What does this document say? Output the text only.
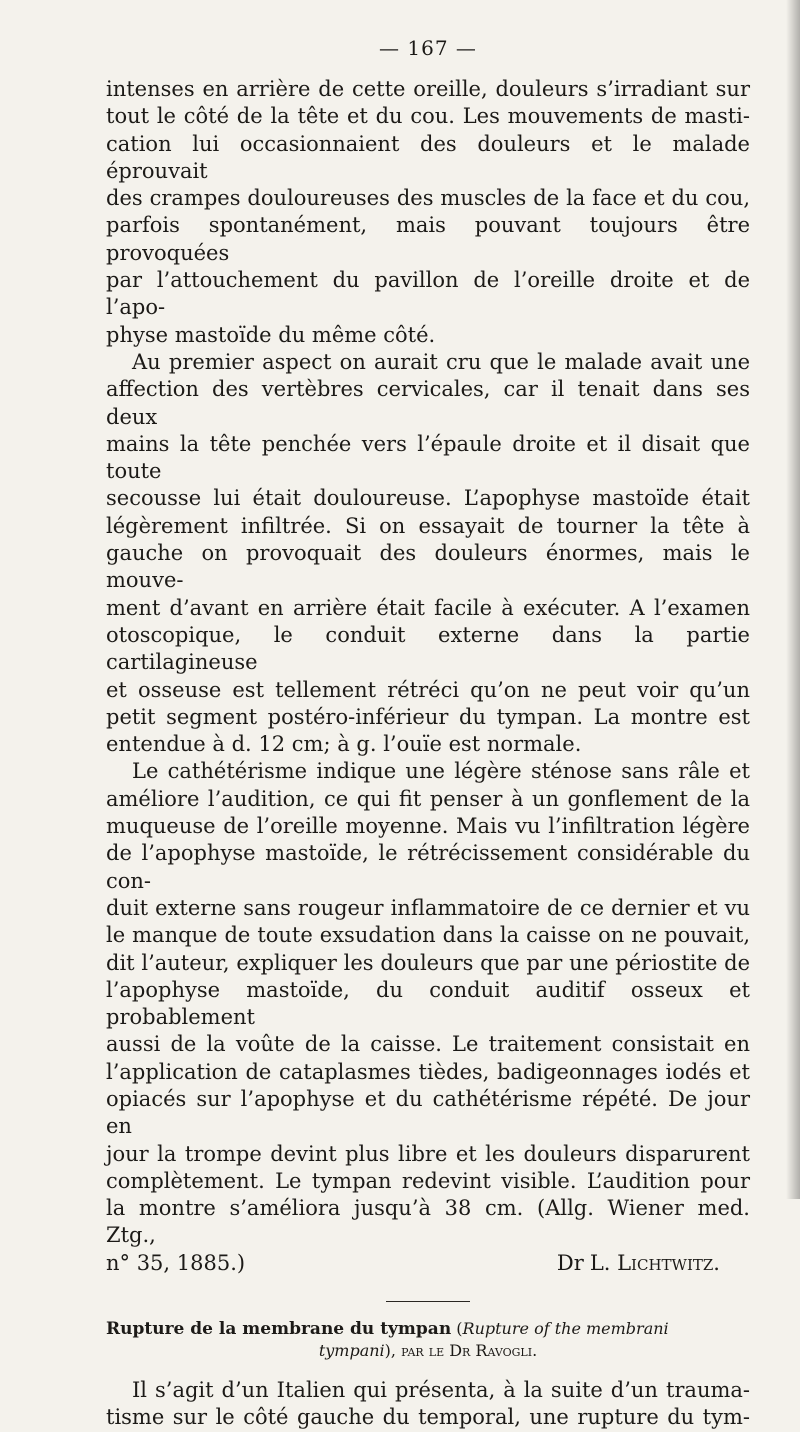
— 167 —
intenses en arrière de cette oreille, douleurs s’irradiant sur
tout le côté de la tête et du cou. Les mouvements de masti-
cation lui occasionnaient des douleurs et le malade éprouvait
des crampes douloureuses des muscles de la face et du cou,
parfois spontanément, mais pouvant toujours être provoquées
par l’attouchement du pavillon de l’oreille droite et de l’apo-
physe mastoïde du même côté.
Au premier aspect on aurait cru que le malade avait une
affection des vertèbres cervicales, car il tenait dans ses deux
mains la tête penchée vers l’épaule droite et il disait que toute
secousse lui était douloureuse. L’apophyse mastoïde était
légèrement infiltrée. Si on essayait de tourner la tête à
gauche on provoquait des douleurs énormes, mais le mouve-
ment d’avant en arrière était facile à exécuter. A l’examen
otoscopique, le conduit externe dans la partie cartilagineuse
et osseuse est tellement rétréci qu’on ne peut voir qu’un
petit segment postéro-inférieur du tympan. La montre est
entendue à d. 12 cm; à g. l’ouïe est normale.
Le cathétérisme indique une légère sténose sans râle et
améliore l’audition, ce qui fit penser à un gonflement de la
muqueuse de l’oreille moyenne. Mais vu l’infiltration légère
de l’apophyse mastoïde, le rétrécissement considérable du con-
duit externe sans rougeur inflammatoire de ce dernier et vu
le manque de toute exsudation dans la caisse on ne pouvait,
dit l’auteur, expliquer les douleurs que par une périostite de
l’apophyse mastoïde, du conduit auditif osseux et probablement
aussi de la voûte de la caisse. Le traitement consistait en
l’application de cataplasmes tièdes, badigeonnages iodés et
opiacés sur l’apophyse et du cathétérisme répété. De jour en
jour la trompe devint plus libre et les douleurs disparurent
complètement. Le tympan redevint visible. L’audition pour
la montre s’améliora jusqu’à 38 cm. (Allg. Wiener med. Ztg.,
n° 35, 1885.)	Dr L. Lichtwitz.
Rupture de la membrane du tympan (Rupture of the membrani
tympani), par le Dr Ravogli.
Il s’agit d’un Italien qui présenta, à la suite d’un trauma-
tisme sur le côté gauche du temporal, une rupture du tym-
